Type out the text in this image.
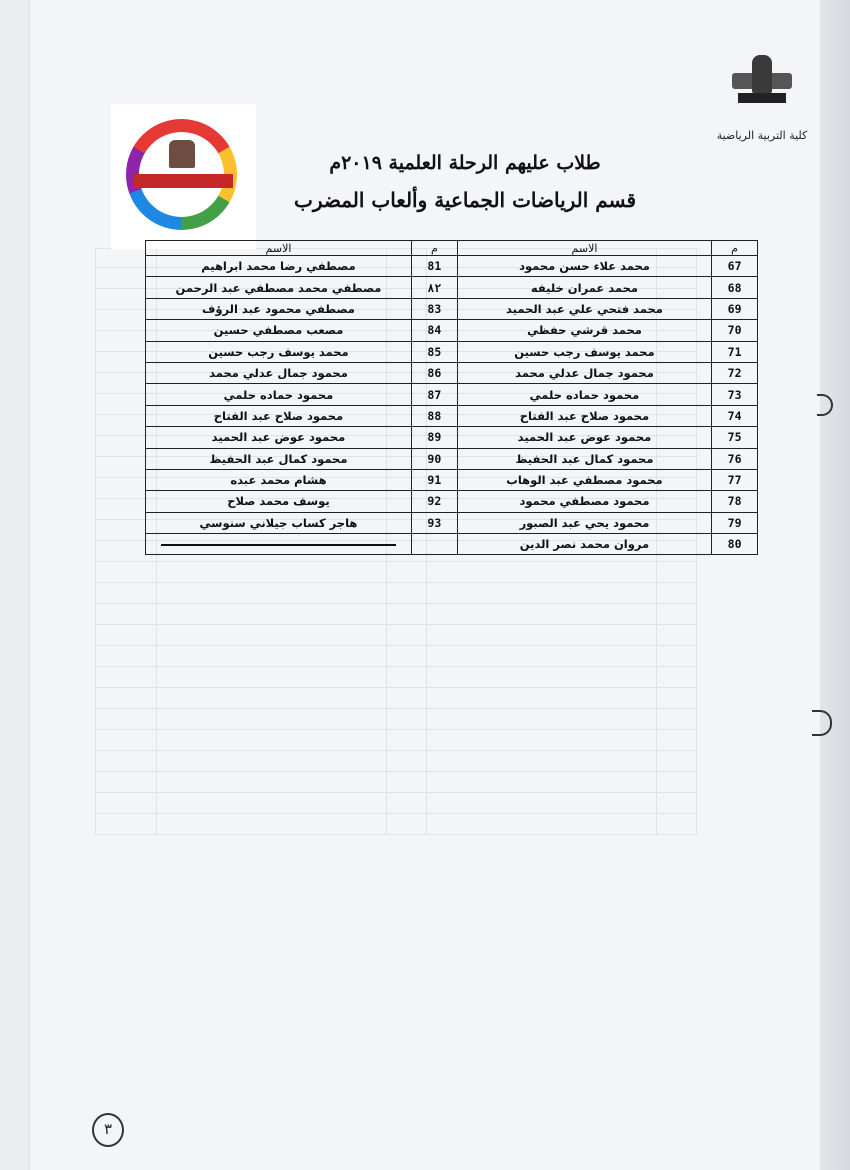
كلية التربية الرياضية
طلاب عليهم الرحلة العلمية ٢٠١٩م
قسم الرياضات الجماعية وألعاب المضرب
م	الاسم	م	الاسم
67	محمد علاء حسن محمود	81	مصطفي رضا محمد ابراهيم
68	محمد عمران خليفه	٨٢	مصطفي محمد مصطفي عبد الرحمن
69	محمد فتحي علي عبد الحميد	83	مصطفي محمود عبد الرؤف
70	محمد قرشي حفظي	84	مصعب مصطفي حسين
71	محمد يوسف رجب حسين	85	محمد يوسف رجب حسين
72	محمود جمال عدلي محمد	86	محمود جمال عدلي محمد
73	محمود حماده حلمي	87	محمود حماده حلمي
74	محمود صلاح عبد الفتاح	88	محمود صلاح عبد الفتاح
75	محمود عوض عبد الحميد	89	محمود عوض عبد الحميد
76	محمود كمال عبد الحفيظ	90	محمود كمال عبد الحفيظ
77	محمود مصطفي عبد الوهاب	91	هشام محمد عبده
78	محمود مصطفي محمود	92	يوسف محمد صلاح
79	محمود يحي عبد الصبور	93	هاجر كساب جيلاني سنوسي
80	مروان محمد نصر الدين		
٣
